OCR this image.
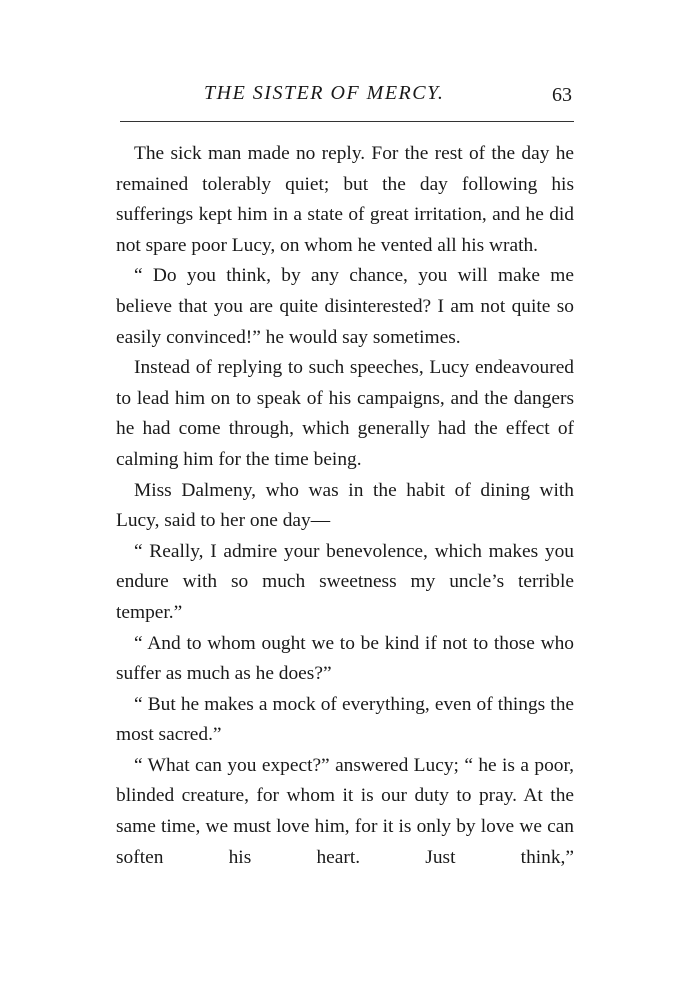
THE SISTER OF MERCY.	63

The sick man made no reply. For the rest of the day he remained tolerably quiet; but the day following his sufferings kept him in a state of great irritation, and he did not spare poor Lucy, on whom he vented all his wrath.

“ Do you think, by any chance, you will make me believe that you are quite disinterested? I am not quite so easily convinced!” he would say sometimes.

Instead of replying to such speeches, Lucy endeavoured to lead him on to speak of his campaigns, and the dangers he had come through, which generally had the effect of calming him for the time being.

Miss Dalmeny, who was in the habit of dining with Lucy, said to her one day—

“ Really, I admire your benevolence, which makes you endure with so much sweetness my uncle’s terrible temper.”

“ And to whom ought we to be kind if not to those who suffer as much as he does?”

“ But he makes a mock of everything, even of things the most sacred.”

“ What can you expect?” answered Lucy; “ he is a poor, blinded creature, for whom it is our duty to pray. At the same time, we must love him, for it is only by love we can soften his heart. Just think,”
